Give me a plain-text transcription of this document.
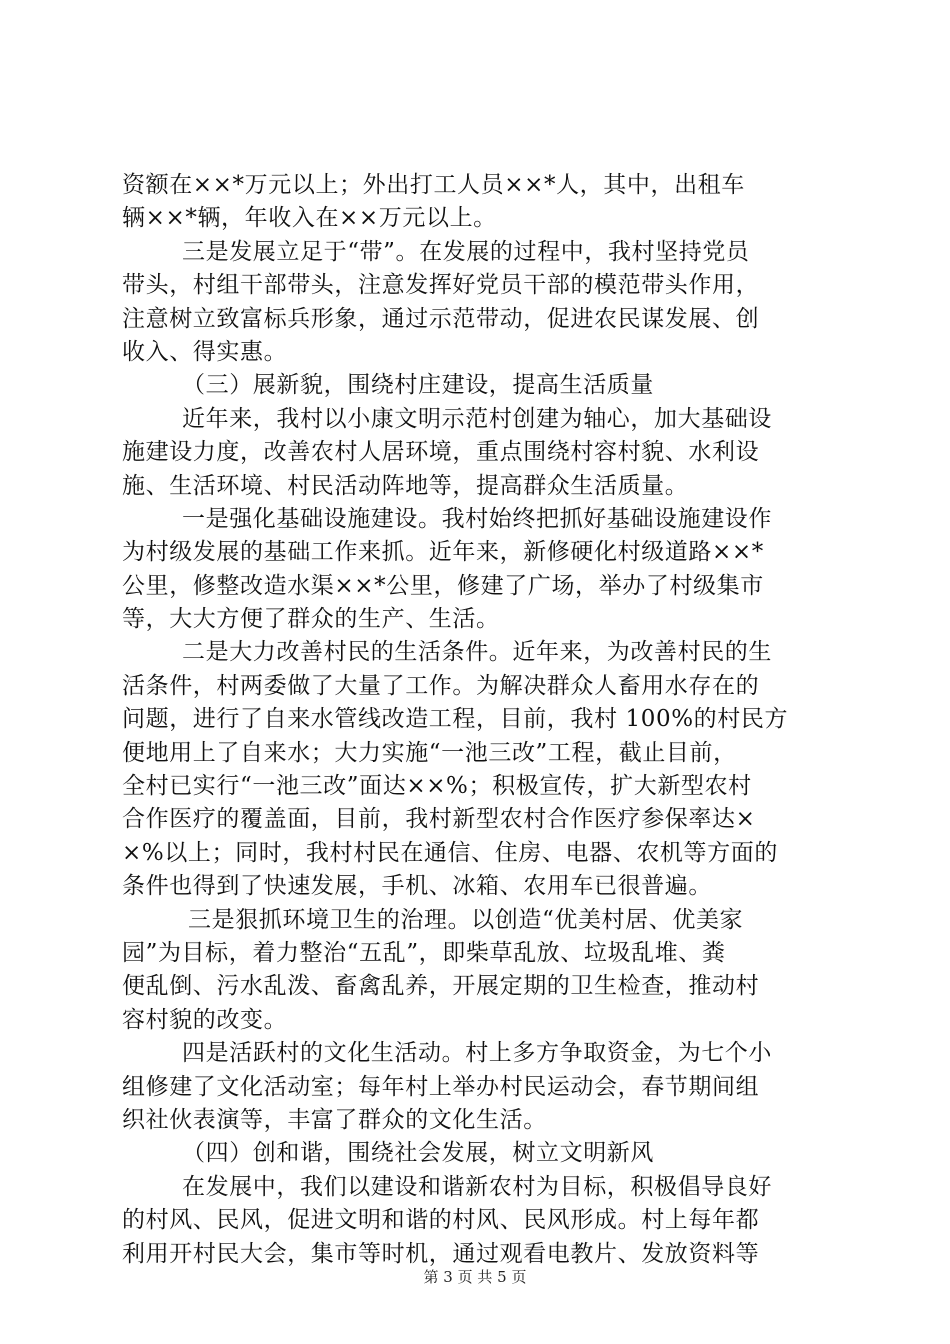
资额在××*万元以上；外出打工人员××*人，其中，出租车
辆××*辆，年收入在××万元以上。
三是发展立足于“带”。在发展的过程中，我村坚持党员
带头，村组干部带头，注意发挥好党员干部的模范带头作用，
注意树立致富标兵形象，通过示范带动，促进农民谋发展、创
收入、得实惠。
（三）展新貌，围绕村庄建设，提高生活质量
近年来，我村以小康文明示范村创建为轴心，加大基础设
施建设力度，改善农村人居环境，重点围绕村容村貌、水利设
施、生活环境、村民活动阵地等，提高群众生活质量。
一是强化基础设施建设。我村始终把抓好基础设施建设作
为村级发展的基础工作来抓。近年来，新修硬化村级道路××*
公里，修整改造水渠××*公里，修建了广场，举办了村级集市
等，大大方便了群众的生产、生活。
二是大力改善村民的生活条件。近年来，为改善村民的生
活条件，村两委做了大量了工作。为解决群众人畜用水存在的
问题，进行了自来水管线改造工程，目前，我村 100%的村民方
便地用上了自来水；大力实施“一池三改”工程，截止目前，
全村已实行“一池三改”面达××%；积极宣传，扩大新型农村
合作医疗的覆盖面，目前，我村新型农村合作医疗参保率达×
×%以上；同时，我村村民在通信、住房、电器、农机等方面的
条件也得到了快速发展，手机、冰箱、农用车已很普遍。
三是狠抓环境卫生的治理。以创造“优美村居、优美家
园”为目标，着力整治“五乱”，即柴草乱放、垃圾乱堆、粪
便乱倒、污水乱泼、畜禽乱养，开展定期的卫生检查，推动村
容村貌的改变。
四是活跃村的文化生活动。村上多方争取资金，为七个小
组修建了文化活动室；每年村上举办村民运动会，春节期间组
织社伙表演等，丰富了群众的文化生活。
（四）创和谐，围绕社会发展，树立文明新风
在发展中，我们以建设和谐新农村为目标，积极倡导良好
的村风、民风，促进文明和谐的村风、民风形成。村上每年都
利用开村民大会，集市等时机，通过观看电教片、发放资料等
第 3 页 共 5 页
